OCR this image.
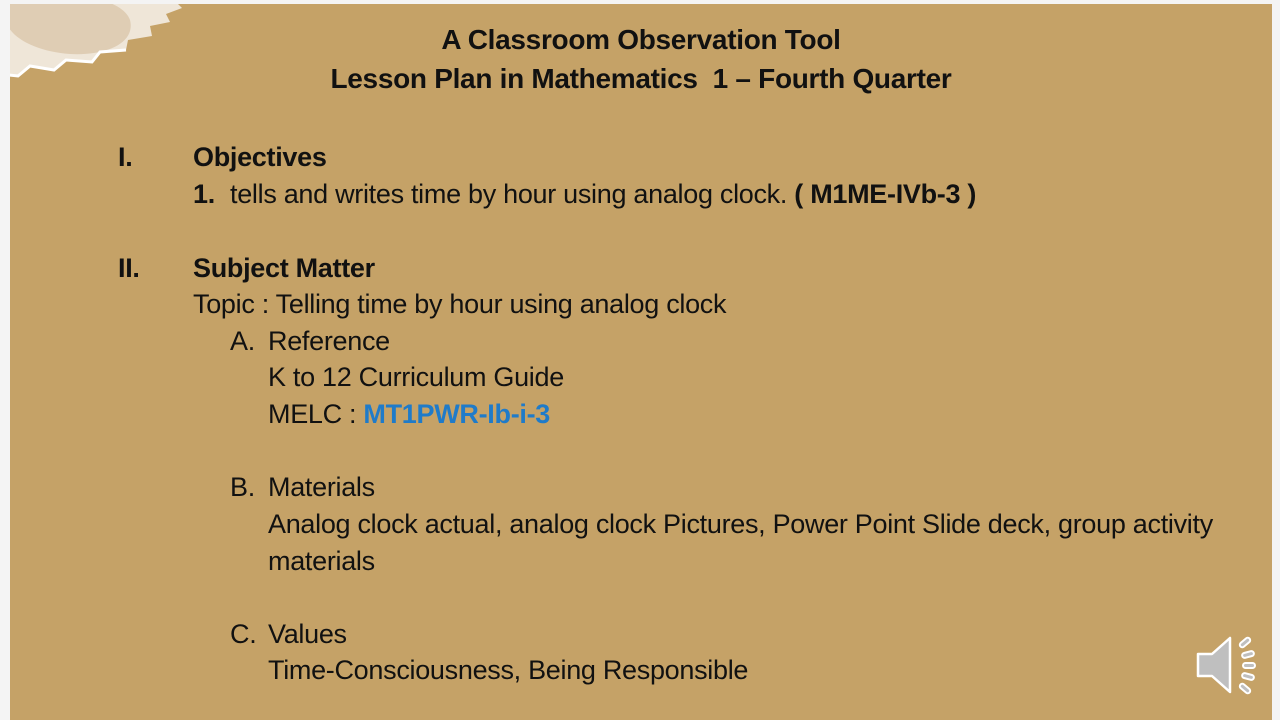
A Classroom Observation Tool
Lesson Plan in Mathematics  1 – Fourth Quarter
I. Objectives
1. tells and writes time by hour using analog clock. ( M1ME-IVb-3 )
II. Subject Matter
Topic : Telling time by hour using analog clock
A. Reference
K to 12 Curriculum Guide
MELC : MT1PWR-Ib-i-3
B. Materials
Analog clock actual, analog clock Pictures, Power Point Slide deck, group activity
materials
C. Values
Time-Consciousness, Being Responsible
